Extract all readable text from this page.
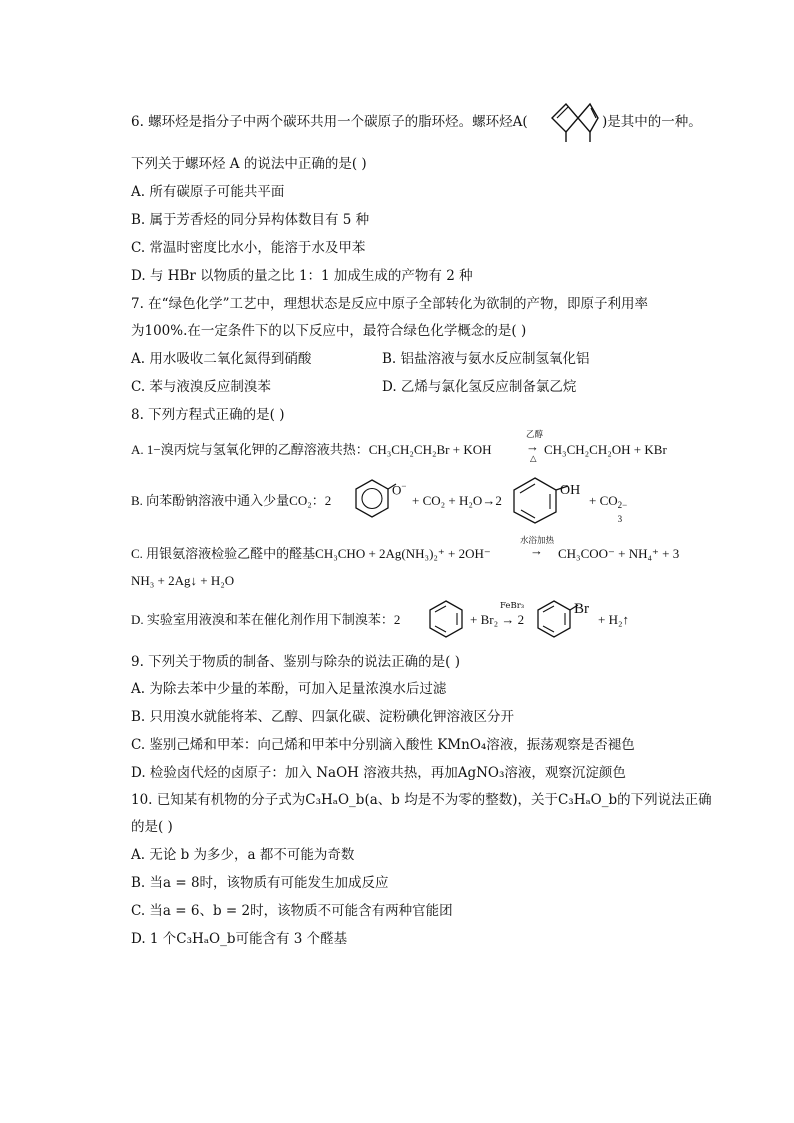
6. 螺环烃是指分子中两个碳环共用一个碳原子的脂环烃。螺环烃A(	)是其中的一种。
下列关于螺环烃 A 的说法中正确的是( )
A. 所有碳原子可能共平面
B. 属于芳香烃的同分异构体数目有 5 种
C. 常温时密度比水小，能溶于水及甲苯
D. 与 HBr 以物质的量之比 1：1 加成生成的产物有 2 种
7. 在“绿色化学”工艺中，理想状态是反应中原子全部转化为欲制的产物，即原子利用率
为100%.在一定条件下的以下反应中，最符合绿色化学概念的是( )
A. 用水吸收二氧化氮得到硝酸	B. 铝盐溶液与氨水反应制氢氧化铝
C. 苯与液溴反应制溴苯	D. 乙烯与氯化氢反应制备氯乙烷
8. 下列方程式正确的是( )
A. 1−溴丙烷与氢氧化钾的乙醇溶液共热：CH₃CH₂CH₂Br + KOH
乙醇
→
△
CH₃CH₂CH₂OH + KBr
B. 向苯酚钠溶液中通入少量CO₂：2
O−
+ CO₂ + H₂O→2
OH
+ CO 2−
3
C. 用银氨溶液检验乙醛中的醛基CH₃CHO + 2Ag(NH₃)₂⁺ + 2OH⁻
水浴加热
→ CH₃COO⁻ + NH₄⁺ + 3
NH₃ + 2Ag↓ + H₂O
D. 实验室用液溴和苯在催化剂作用下制溴苯：2	+ Br₂ → 2
FeBr₃	Br
+ H₂↑
9. 下列关于物质的制备、鉴别与除杂的说法正确的是( )
A. 为除去苯中少量的苯酚，可加入足量浓溴水后过滤
B. 只用溴水就能将苯、乙醇、四氯化碳、淀粉碘化钾溶液区分开
C. 鉴别己烯和甲苯：向己烯和甲苯中分别滴入酸性 KMnO₄溶液，振荡观察是否褪色
D. 检验卤代烃的卤原子：加入 NaOH 溶液共热，再加AgNO₃溶液，观察沉淀颜色
10. 已知某有机物的分子式为C₃HₐO_b(a、b 均是不为零的整数)，关于C₃HₐO_b的下列说法正确
的是( )
A. 无论 b 为多少，a 都不可能为奇数
B. 当a = 8时，该物质有可能发生加成反应
C. 当a = 6、b = 2时，该物质不可能含有两种官能团
D. 1 个C₃HₐO_b可能含有 3 个醛基
